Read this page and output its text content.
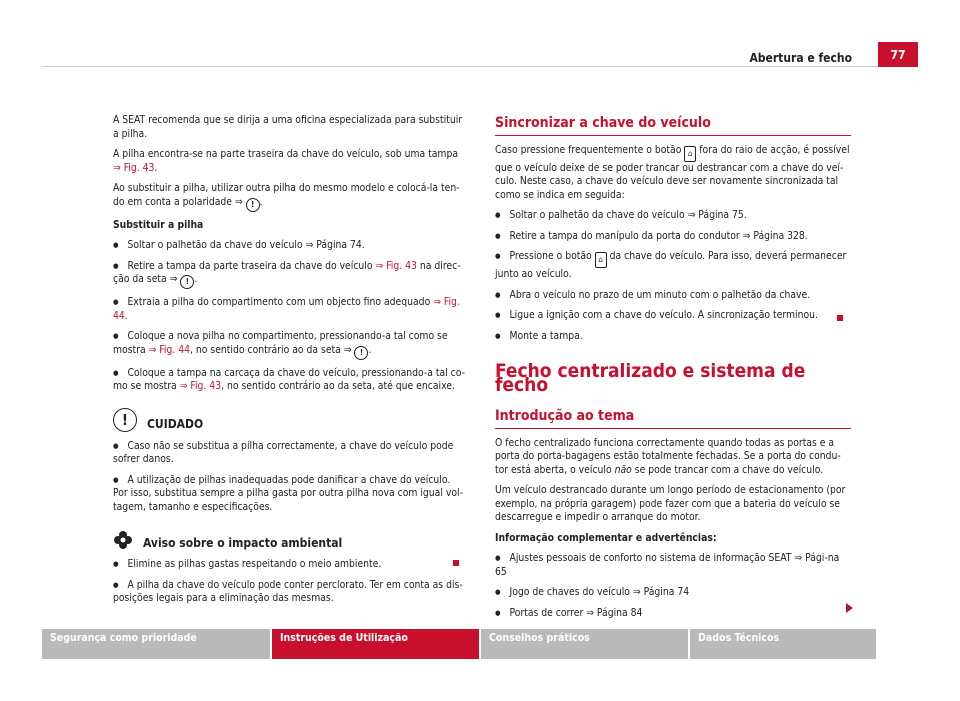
Abertura e fecho	77

A SEAT recomenda que se dirija a uma oficina especializada para substituir a pilha.

A pilha encontra-se na parte traseira da chave do veículo, sob uma tampa ⇒ Fig. 43.

Ao substituir a pilha, utilizar outra pilha do mesmo modelo e colocá-la ten-do em conta a polaridade ⇒ ! .

Substituir a pilha

● Soltar o palhetão da chave do veículo ⇒ Página 74.

● Retire a tampa da parte traseira da chave do veículo ⇒ Fig. 43 na direc-ção da seta ⇒ ! .

● Extraia a pilha do compartimento com um objecto fino adequado ⇒ Fig. 44.

● Coloque a nova pilha no compartimento, pressionando-a tal como se mostra ⇒ Fig. 44, no sentido contrário ao da seta ⇒ ! .

● Coloque a tampa na carcaça da chave do veículo, pressionando-a tal co-mo se mostra ⇒ Fig. 43, no sentido contrário ao da seta, até que encaixe.

!	CUIDADO

● Caso não se substitua a pilha correctamente, a chave do veículo pode sofrer danos.

● A utilização de pilhas inadequadas pode danificar a chave do veículo. Por isso, substitua sempre a pilha gasta por outra pilha nova com igual vol-tagem, tamanho e especificações.

Aviso sobre o impacto ambiental

● Elimine as pilhas gastas respeitando o meio ambiente.

● A pilha da chave do veículo pode conter perclorato. Ter em conta as dis-posições legais para a eliminação das mesmas.

Sincronizar a chave do veículo

Caso pressione frequentemente o botão ⌂ fora do raio de acção, é possível que o veículo deixe de se poder trancar ou destrancar com a chave do veí-culo. Neste caso, a chave do veículo deve ser novamente sincronizada tal como se indica em seguida:

● Soltar o palhetão da chave do veículo ⇒ Página 75.

● Retire a tampa do manípulo da porta do condutor ⇒ Página 328.

● Pressione o botão ⌂ da chave do veículo. Para isso, deverá permanecer junto ao veículo.

● Abra o veículo no prazo de um minuto com o palhetão da chave.

● Ligue a ignição com a chave do veículo. A sincronização terminou.

● Monte a tampa.

Fecho centralizado e sistema de fecho
Introdução ao tema

O fecho centralizado funciona correctamente quando todas as portas e a porta do porta-bagagens estão totalmente fechadas. Se a porta do condu-tor está aberta, o veículo não se pode trancar com a chave do veículo.

Um veículo destrancado durante um longo período de estacionamento (por exemplo, na própria garagem) pode fazer com que a bateria do veículo se descarregue e impedir o arranque do motor.

Informação complementar e advertências:

● Ajustes pessoais de conforto no sistema de informação SEAT ⇒ Pági-na 65

● Jogo de chaves do veículo ⇒ Página 74

● Portas de correr ⇒ Página 84

Segurança como prioridade	Instruções de Utilização	Conselhos práticos	Dados Técnicos
